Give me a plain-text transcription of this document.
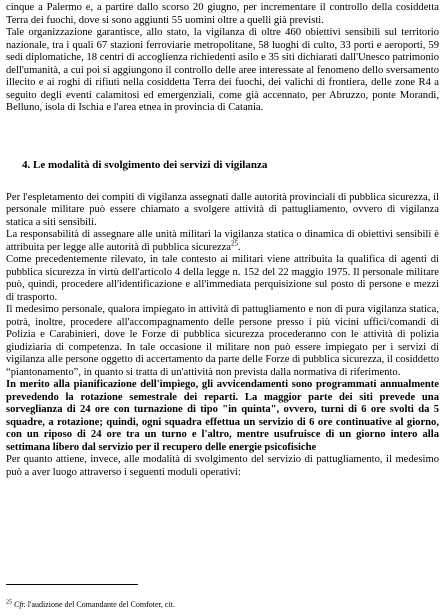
cinque a Palermo e, a partire dallo scorso 20 giugno, per incrementare il controllo della cosiddetta Terra dei fuochi, dove si sono aggiunti 55 uomini oltre a quelli già previsti.

Tale organizzazione garantisce, allo stato, la vigilanza di oltre 460 obiettivi sensibili sul territorio nazionale, tra i quali 67 stazioni ferroviarie metropolitane, 58 luoghi di culto, 33 porti e aeroporti, 59 sedi diplomatiche, 18 centri di accoglienza richiedenti asilo e 35 siti dichiarati dall'Unesco patrimonio dell'umanità, a cui poi si aggiungono il controllo delle aree interessate al fenomeno dello sversamento illecito e ai roghi di rifiuti nella cosiddetta Terra dei fuochi, dei valichi di frontiera, delle zone R4 a seguito degli eventi calamitosi ed emergenziali, come già accennato, per Abruzzo, ponte Morandi, Belluno, isola di Ischia e l'area etnea in provincia di Catania.

4. Le modalità di svolgimento dei servizi di vigilanza

Per l'espletamento dei compiti di vigilanza assegnati dalle autorità provinciali di pubblica sicurezza, il personale militare può essere chiamato a svolgere attività di pattugliamento, ovvero di vigilanza statica a siti sensibili.

La responsabilità di assegnare alle unità militari la vigilanza statica o dinamica di obiettivi sensibili è attribuita per legge alle autorità di pubblica sicurezza$^{25}$.

Come precedentemente rilevato, in tale contesto ai militari viene attribuita la qualifica di agenti di pubblica sicurezza in virtù dell'articolo 4 della legge n. 152 del 22 maggio 1975. Il personale militare può, quindi, procedere all'identificazione e all'immediata perquisizione sul posto di persone e mezzi di trasporto.

Il medesimo personale, qualora impiegato in attività di pattugliamento e non di pura vigilanza statica, potrà, inoltre, procedere all'accompagnamento delle persone presso i più vicini uffici/comandi di Polizia e Carabinieri, dove le Forze di pubblica sicurezza procederanno con le attività di polizia giudiziaria di competenza. In tale occasione il militare non può essere impiegato per i servizi di vigilanza alle persone oggetto di accertamento da parte delle Forze di pubblica sicurezza, il cosiddetto “piantonamento”, in quanto si tratta di un'attività non prevista dalla normativa di riferimento.

In merito alla pianificazione dell'impiego, gli avvicendamenti sono programmati annualmente prevedendo la rotazione semestrale dei reparti. La maggior parte dei siti prevede una sorveglianza di 24 ore con turnazione di tipo "in quinta", ovvero, turni di 6 ore svolti da 5 squadre, a rotazione; quindi, ogni squadra effettua un servizio di 6 ore continuative al giorno, con un riposo di 24 ore tra un turno e l'altro, mentre usufruisce di un giorno intero alla settimana libero dal servizio per il recupero delle energie psicofisiche

Per quanto attiene, invece, alle modalità di svolgimento del servizio di pattugliamento, il medesimo può a aver luogo attraverso i seguenti moduli operativi:

$^{25}$ Cfr. l'audizione del Comandante del Comfoter, cit.
